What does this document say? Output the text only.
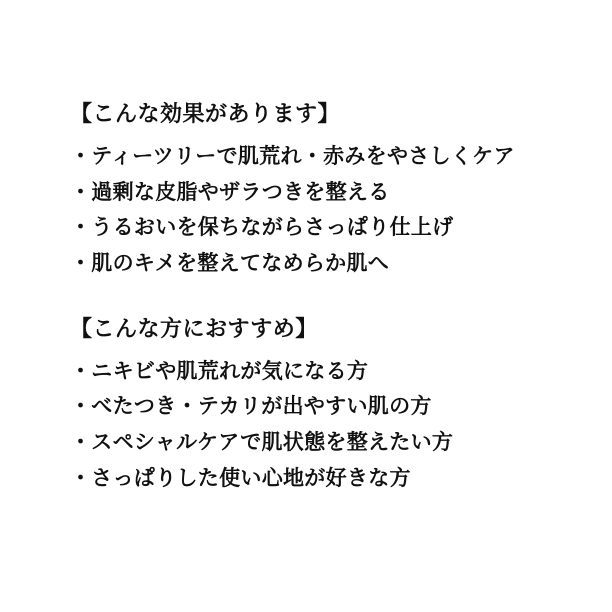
【こんな効果があります】
・ティーツリーで肌荒れ・赤みをやさしくケア
・過剰な皮脂やザラつきを整える
・うるおいを保ちながらさっぱり仕上げ
・肌のキメを整えてなめらか肌へ
【こんな方におすすめ】
・ニキビや肌荒れが気になる方
・べたつき・テカリが出やすい肌の方
・スペシャルケアで肌状態を整えたい方
・さっぱりした使い心地が好きな方
